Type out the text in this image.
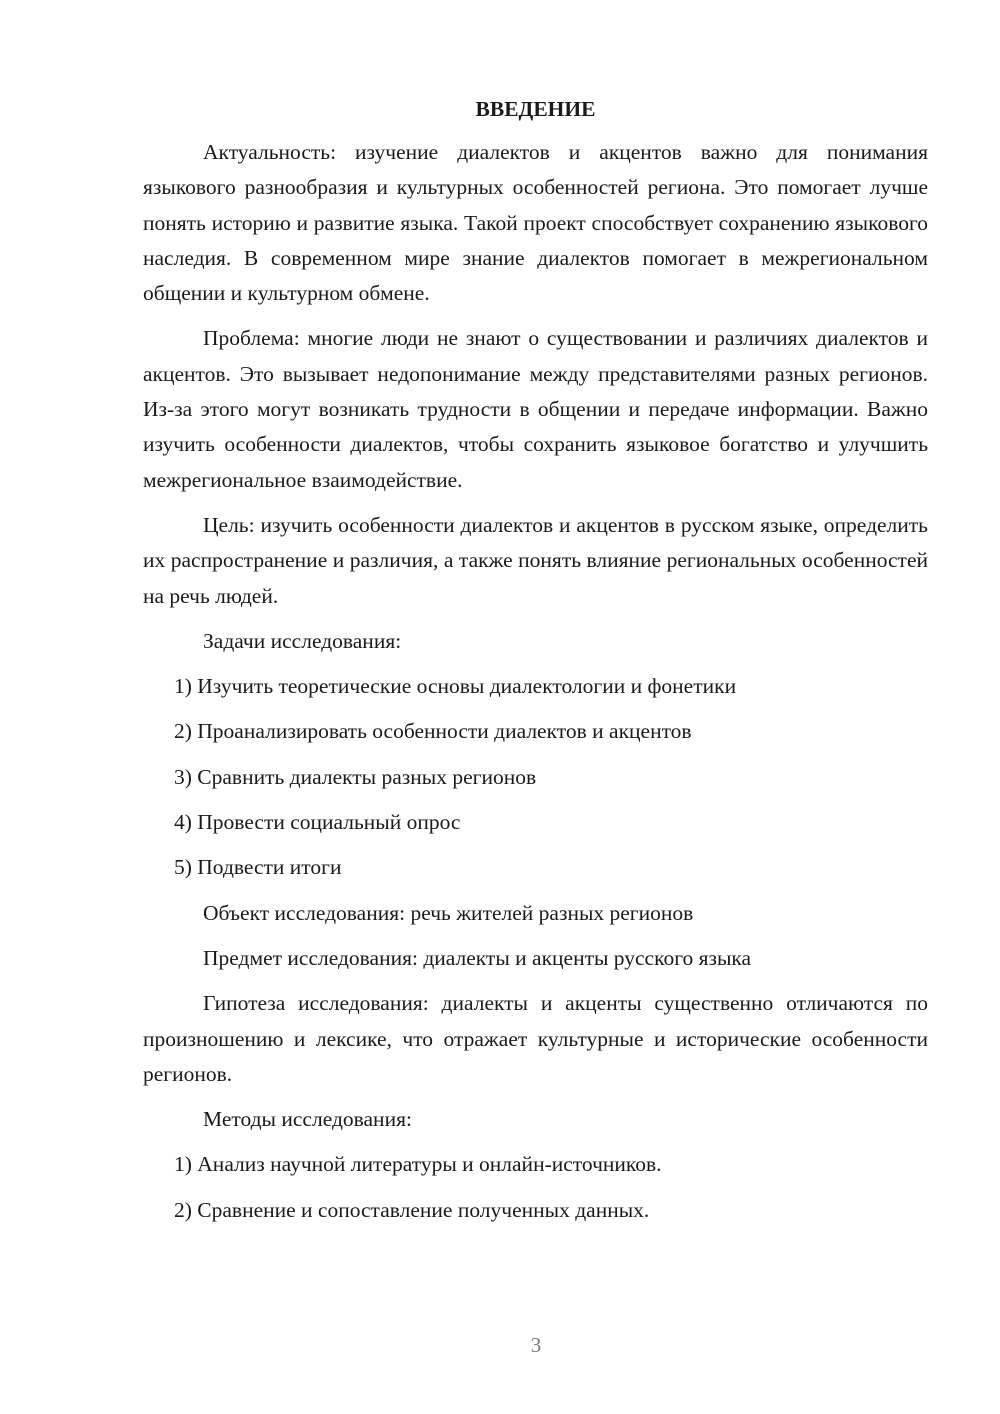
ВВЕДЕНИЕ

Актуальность: изучение диалектов и акцентов важно для понимания языкового разнообразия и культурных особенностей региона. Это помогает лучше понять историю и развитие языка. Такой проект способствует сохранению языкового наследия. В современном мире знание диалектов помогает в межрегиональном общении и культурном обмене.

Проблема: многие люди не знают о существовании и различиях диалектов и акцентов. Это вызывает недопонимание между представителями разных регионов. Из-за этого могут возникать трудности в общении и передаче информации. Важно изучить особенности диалектов, чтобы сохранить языковое богатство и улучшить межрегиональное взаимодействие.

Цель: изучить особенности диалектов и акцентов в русском языке, определить их распространение и различия, а также понять влияние региональных особенностей на речь людей.

Задачи исследования:

1) Изучить теоретические основы диалектологии и фонетики

2) Проанализировать особенности диалектов и акцентов

3) Сравнить диалекты разных регионов

4) Провести социальный опрос

5) Подвести итоги

Объект исследования: речь жителей разных регионов

Предмет исследования: диалекты и акценты русского языка

Гипотеза исследования: диалекты и акценты существенно отличаются по произношению и лексике, что отражает культурные и исторические особенности регионов.

Методы исследования:

1) Анализ научной литературы и онлайн-источников.

2) Сравнение и сопоставление полученных данных.

3
